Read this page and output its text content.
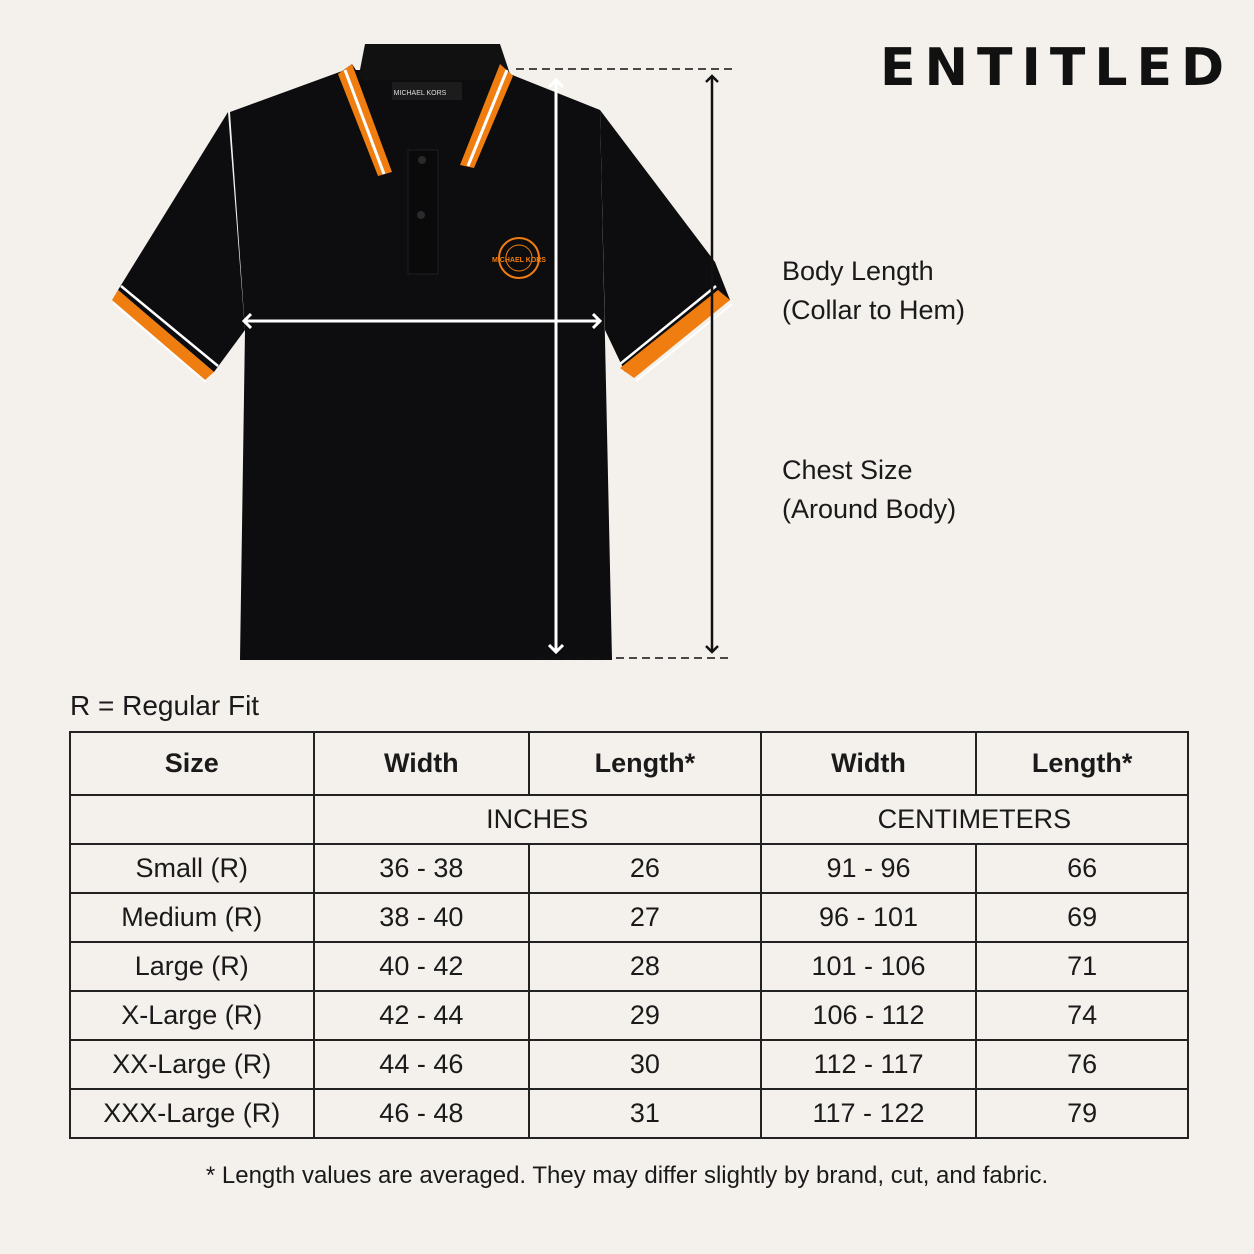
ENTITLED
MICHAEL KORS
MICHAEL KORS	Body Length
(Collar to Hem)
Chest Size
(Around Body)
R = Regular Fit
Size	Width	Length*	Width	Length*
	INCHES		CENTIMETERS	
Small (R)	36 - 38	26	91 - 96	66
Medium (R)	38 - 40	27	96 - 101	69
Large (R)	40 - 42	28	101 - 106	71
X-Large (R)	42 - 44	29	106 - 112	74
XX-Large (R)	44 - 46	30	112 - 117	76
XXX-Large (R)	46 - 48	31	117 - 122	79
* Length values are averaged. They may differ slightly by brand, cut, and fabric.
